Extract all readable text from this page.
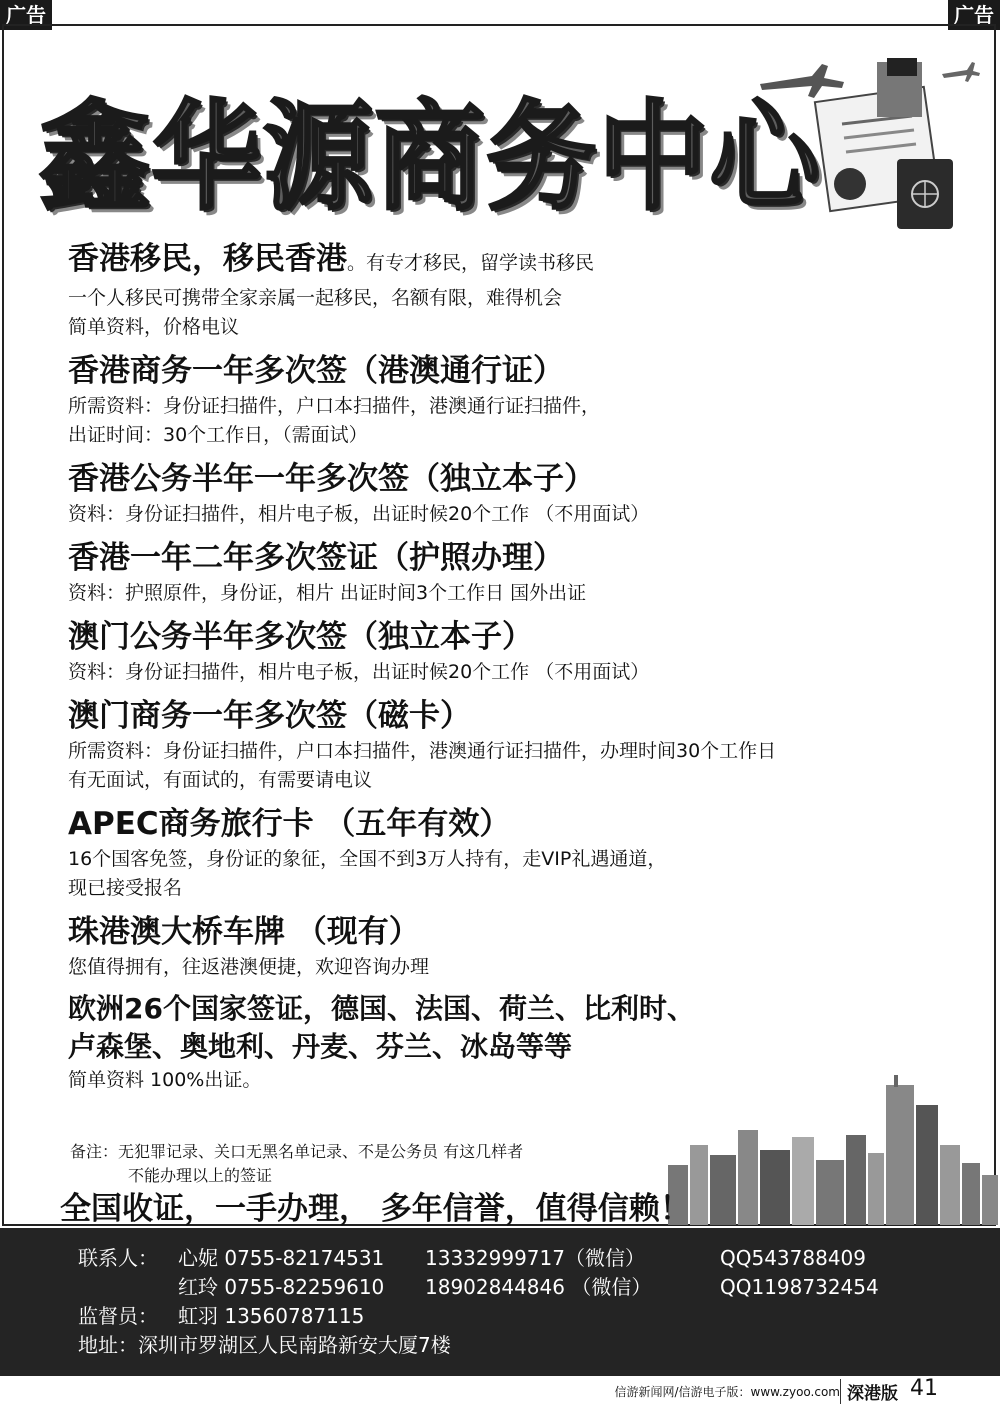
广告	广告
鑫华源商务中心
香港移民，移民香港。有专才移民，留学读书移民
一个人移民可携带全家亲属一起移民，名额有限，难得机会
简单资料，价格电议
香港商务一年多次签（港澳通行证）
所需资料：身份证扫描件，户口本扫描件，港澳通行证扫描件，
出证时间：30个工作日，（需面试）
香港公务半年一年多次签（独立本子）
资料：身份证扫描件，相片电子板，出证时候20个工作 （不用面试）
香港一年二年多次签证（护照办理）
资料：护照原件，身份证，相片 出证时间3个工作日 国外出证
澳门公务半年多次签（独立本子）
资料：身份证扫描件，相片电子板，出证时候20个工作 （不用面试）
澳门商务一年多次签（磁卡）
所需资料：身份证扫描件，户口本扫描件，港澳通行证扫描件，办理时间30个工作日
有无面试，有面试的，有需要请电议
APEC商务旅行卡 （五年有效）
16个国客免签，身份证的象征，全国不到3万人持有，走VIP礼遇通道，
现已接受报名
珠港澳大桥车牌 （现有）
您值得拥有，往返港澳便捷，欢迎咨询办理
欧洲26个国家签证，德国、法国、荷兰、比利时、
卢森堡、奥地利、丹麦、芬兰、冰岛等等
简单资料 100%出证。
备注：无犯罪记录、关口无黑名单记录、不是公务员 有这几样者
不能办理以上的签证
全国收证，一手办理， 多年信誉，值得信赖！
联系人： 心妮 0755-82174531 13332999717（微信）	QQ543788409
红玲 0755-82259610 18902844846 （微信）	QQ1198732454
监督员： 虹羽 13560787115
地址：深圳市罗湖区人民南路新安大厦7楼
信游新闻网/信游电子版：www.zyoo.com 深港版 41
